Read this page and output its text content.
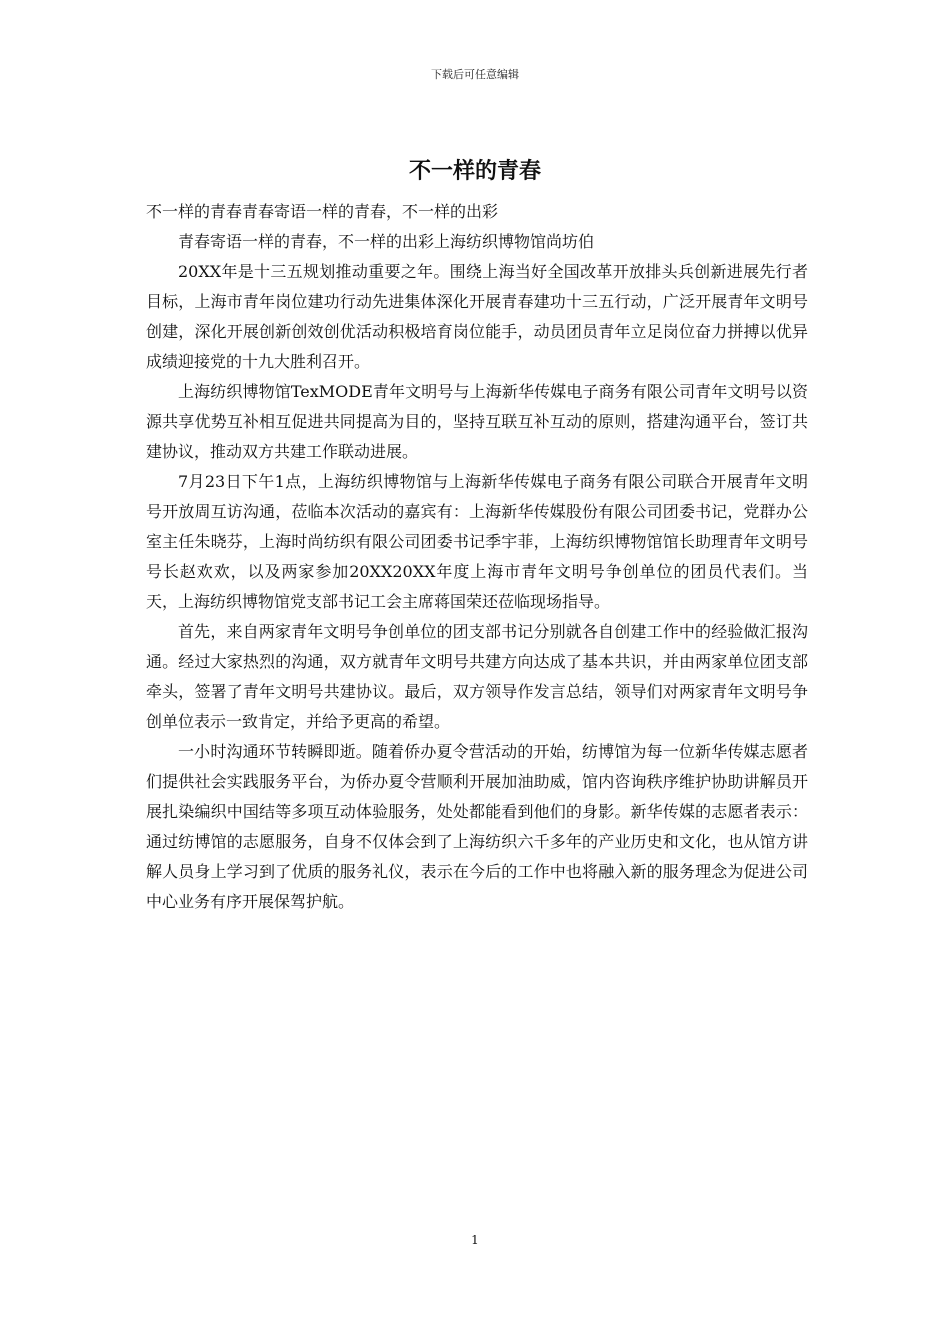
下载后可任意编辑
不一样的青春

不一样的青春青春寄语一样的青春，不一样的出彩

青春寄语一样的青春，不一样的出彩上海纺织博物馆尚坊伯

20XX年是十三五规划推动重要之年。围绕上海当好全国改革开放排头兵创新进展先行者目标，上海市青年岗位建功行动先进集体深化开展青春建功十三五行动，广泛开展青年文明号创建，深化开展创新创效创优活动积极培育岗位能手，动员团员青年立足岗位奋力拼搏以优异成绩迎接党的十九大胜利召开。

上海纺织博物馆TexMODE青年文明号与上海新华传媒电子商务有限公司青年文明号以资源共享优势互补相互促进共同提高为目的，坚持互联互补互动的原则，搭建沟通平台，签订共建协议，推动双方共建工作联动进展。

7月23日下午1点，上海纺织博物馆与上海新华传媒电子商务有限公司联合开展青年文明号开放周互访沟通，莅临本次活动的嘉宾有：上海新华传媒股份有限公司团委书记，党群办公室主任朱晓芬，上海时尚纺织有限公司团委书记季宇菲，上海纺织博物馆馆长助理青年文明号号长赵欢欢，以及两家参加20XX20XX年度上海市青年文明号争创单位的团员代表们。当天，上海纺织博物馆党支部书记工会主席蒋国荣还莅临现场指导。

首先，来自两家青年文明号争创单位的团支部书记分别就各自创建工作中的经验做汇报沟通。经过大家热烈的沟通，双方就青年文明号共建方向达成了基本共识，并由两家单位团支部牵头，签署了青年文明号共建协议。最后，双方领导作发言总结，领导们对两家青年文明号争创单位表示一致肯定，并给予更高的希望。

一小时沟通环节转瞬即逝。随着侨办夏令营活动的开始，纺博馆为每一位新华传媒志愿者们提供社会实践服务平台，为侨办夏令营顺利开展加油助威，馆内咨询秩序维护协助讲解员开展扎染编织中国结等多项互动体验服务，处处都能看到他们的身影。新华传媒的志愿者表示：通过纺博馆的志愿服务，自身不仅体会到了上海纺织六千多年的产业历史和文化，也从馆方讲解人员身上学习到了优质的服务礼仪，表示在今后的工作中也将融入新的服务理念为促进公司中心业务有序开展保驾护航。

1
